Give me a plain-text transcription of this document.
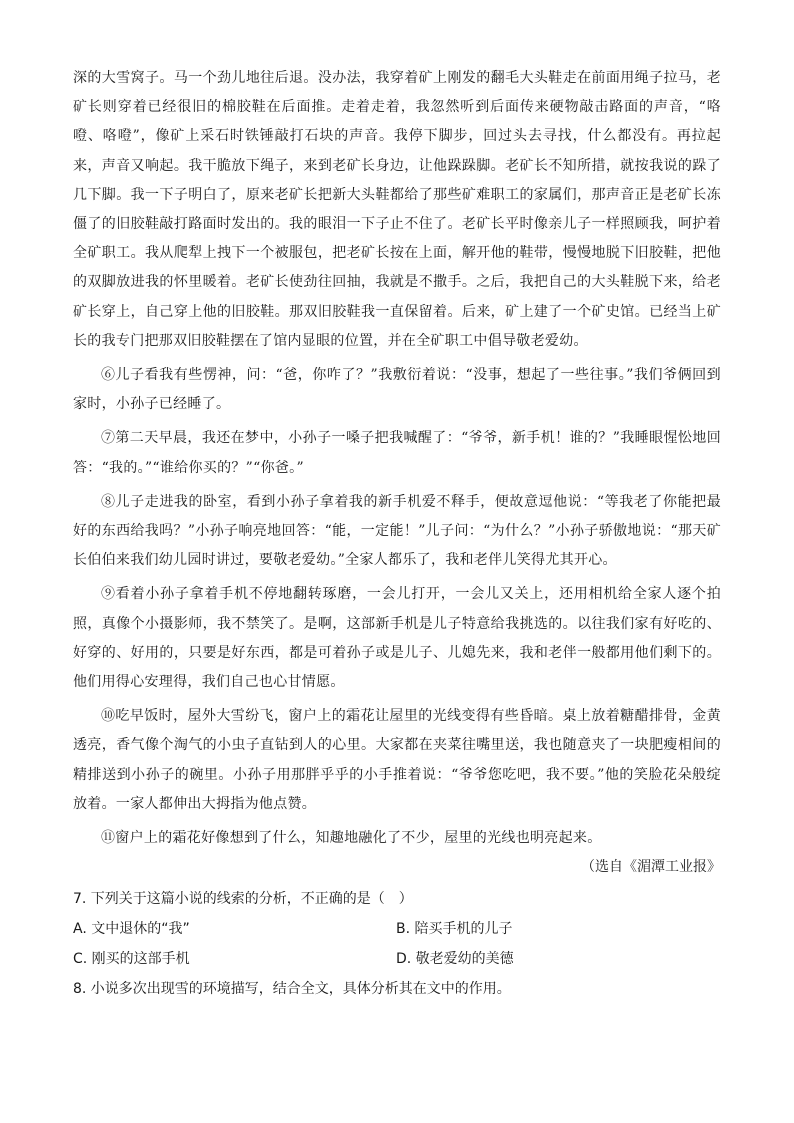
深的大雪窝子。马一个劲儿地往后退。没办法，我穿着矿上刚发的翻毛大头鞋走在前面用绳子拉马，老矿长则穿着已经很旧的棉胶鞋在后面推。走着走着，我忽然听到后面传来硬物敲击路面的声音，“咯噔、咯噔”，像矿上采石时铁锤敲打石块的声音。我停下脚步，回过头去寻找，什么都没有。再拉起来，声音又响起。我干脆放下绳子，来到老矿长身边，让他跺跺脚。老矿长不知所措，就按我说的跺了几下脚。我一下子明白了，原来老矿长把新大头鞋都给了那些矿难职工的家属们，那声音正是老矿长冻僵了的旧胶鞋敲打路面时发出的。我的眼泪一下子止不住了。老矿长平时像亲儿子一样照顾我，呵护着全矿职工。我从爬犁上拽下一个被服包，把老矿长按在上面，解开他的鞋带，慢慢地脱下旧胶鞋，把他的双脚放进我的怀里暖着。老矿长使劲往回抽，我就是不撒手。之后，我把自己的大头鞋脱下来，给老矿长穿上，自己穿上他的旧胶鞋。那双旧胶鞋我一直保留着。后来，矿上建了一个矿史馆。已经当上矿长的我专门把那双旧胶鞋摆在了馆内显眼的位置，并在全矿职工中倡导敬老爱幼。

⑥儿子看我有些愣神，问：“爸，你咋了？”我敷衍着说：“没事，想起了一些往事。”我们爷俩回到家时，小孙子已经睡了。

⑦第二天早晨，我还在梦中，小孙子一嗓子把我喊醒了：“爷爷，新手机！谁的？”我睡眼惺忪地回答：“我的。”“谁给你买的？”“你爸。”

⑧儿子走进我的卧室，看到小孙子拿着我的新手机爱不释手，便故意逗他说：“等我老了你能把最好的东西给我吗？”小孙子响亮地回答：“能，一定能！”儿子问：“为什么？”小孙子骄傲地说：“那天矿长伯伯来我们幼儿园时讲过，要敬老爱幼。”全家人都乐了，我和老伴儿笑得尤其开心。

⑨看着小孙子拿着手机不停地翻转琢磨，一会儿打开，一会儿又关上，还用相机给全家人逐个拍照，真像个小摄影师，我不禁笑了。是啊，这部新手机是儿子特意给我挑选的。以往我们家有好吃的、好穿的、好用的，只要是好东西，都是可着孙子或是儿子、儿媳先来，我和老伴一般都用他们剩下的。他们用得心安理得，我们自己也心甘情愿。

⑩吃早饭时，屋外大雪纷飞，窗户上的霜花让屋里的光线变得有些昏暗。桌上放着糖醋排骨，金黄透亮，香气像个淘气的小虫子直钻到人的心里。大家都在夹菜往嘴里送，我也随意夹了一块肥瘦相间的精排送到小孙子的碗里。小孙子用那胖乎乎的小手推着说：“爷爷您吃吧，我不要。”他的笑脸花朵般绽放着。一家人都伸出大拇指为他点赞。

⑪窗户上的霜花好像想到了什么，知趣地融化了不少，屋里的光线也明亮起来。

（选自《湄潭工业报》
7. 下列关于这篇小说的线索的分析，不正确的是（　）
A. 文中退休的“我”	B. 陪买手机的儿子
C. 刚买的这部手机	D. 敬老爱幼的美德
8. 小说多次出现雪的环境描写，结合全文，具体分析其在文中的作用。
